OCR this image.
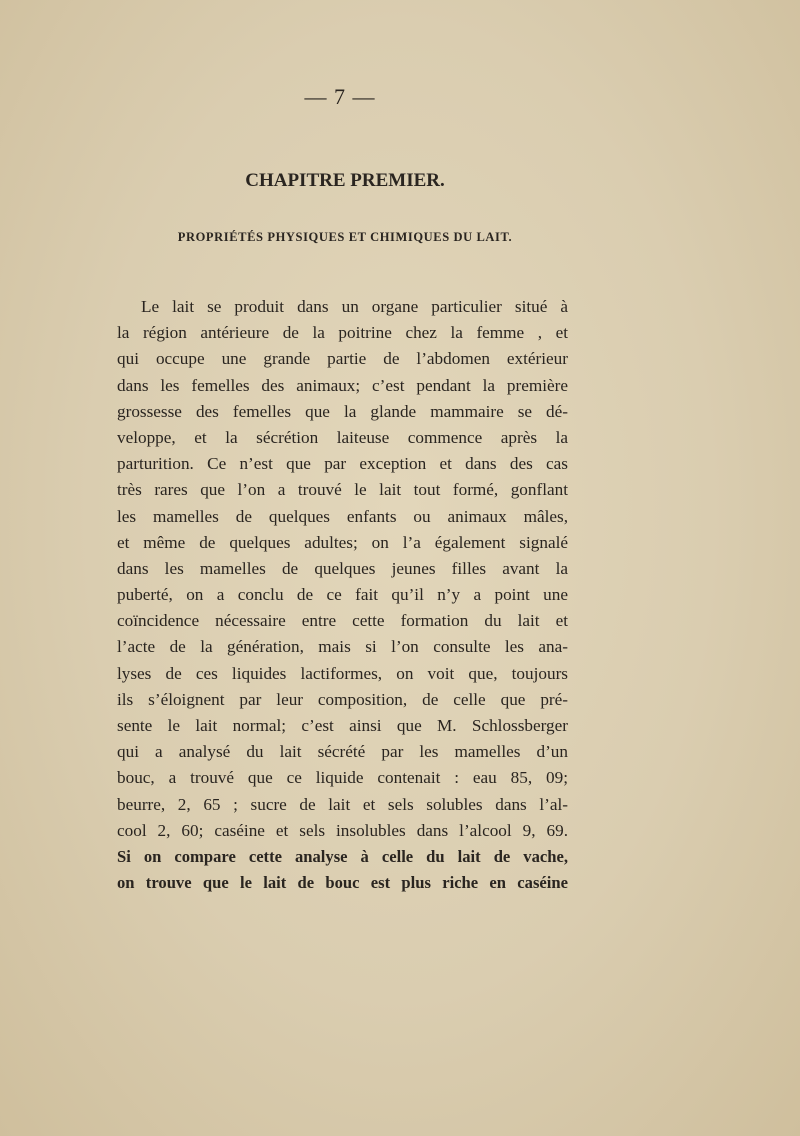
— 7 —
CHAPITRE PREMIER.
PROPRIÉTÉS PHYSIQUES ET CHIMIQUES DU LAIT.
Le lait se produit dans un organe particulier situé à
la région antérieure de la poitrine chez la femme , et
qui occupe une grande partie de l’abdomen extérieur
dans les femelles des animaux; c’est pendant la première
grossesse des femelles que la glande mammaire se dé-
veloppe, et la sécrétion laiteuse commence après la
parturition. Ce n’est que par exception et dans des cas
très rares que l’on a trouvé le lait tout formé, gonflant
les mamelles de quelques enfants ou animaux mâles,
et même de quelques adultes; on l’a également signalé
dans les mamelles de quelques jeunes filles avant la
puberté, on a conclu de ce fait qu’il n’y a point une
coïncidence nécessaire entre cette formation du lait et
l’acte de la génération, mais si l’on consulte les ana-
lyses de ces liquides lactiformes, on voit que, toujours
ils s’éloignent par leur composition, de celle que pré-
sente le lait normal; c’est ainsi que M. Schlossberger
qui a analysé du lait sécrété par les mamelles d’un
bouc, a trouvé que ce liquide contenait : eau 85, 09;
beurre, 2, 65 ; sucre de lait et sels solubles dans l’al-
cool 2, 60; caséine et sels insolubles dans l’alcool 9, 69.
Si on compare cette analyse à celle du lait de vache,
on trouve que le lait de bouc est plus riche en caséine
